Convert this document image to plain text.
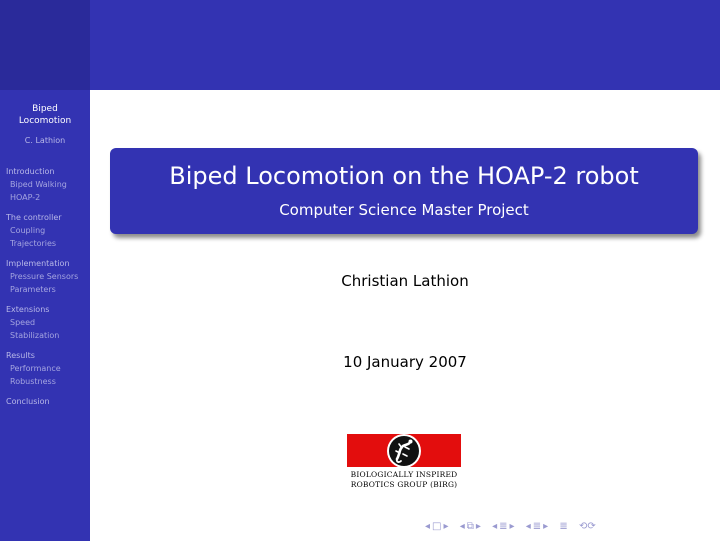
Biped
Locomotion
C. Lathion
Introduction
Biped Walking
HOAP-2
The controller
Coupling
Trajectories
Implementation
Pressure Sensors
Parameters
Extensions
Speed
Stabilization
Results
Performance
Robustness
Conclusion
Biped Locomotion on the HOAP-2 robot
Computer Science Master Project
Christian Lathion
10 January 2007
BIOLOGICALLY INSPIRED
ROBOTICS GROUP (BIRG)
◂ □ ▸ ◂ ⧉ ▸ ◂ ≣ ▸ ◂ ≣ ▸ ≣ ⟲⟳
